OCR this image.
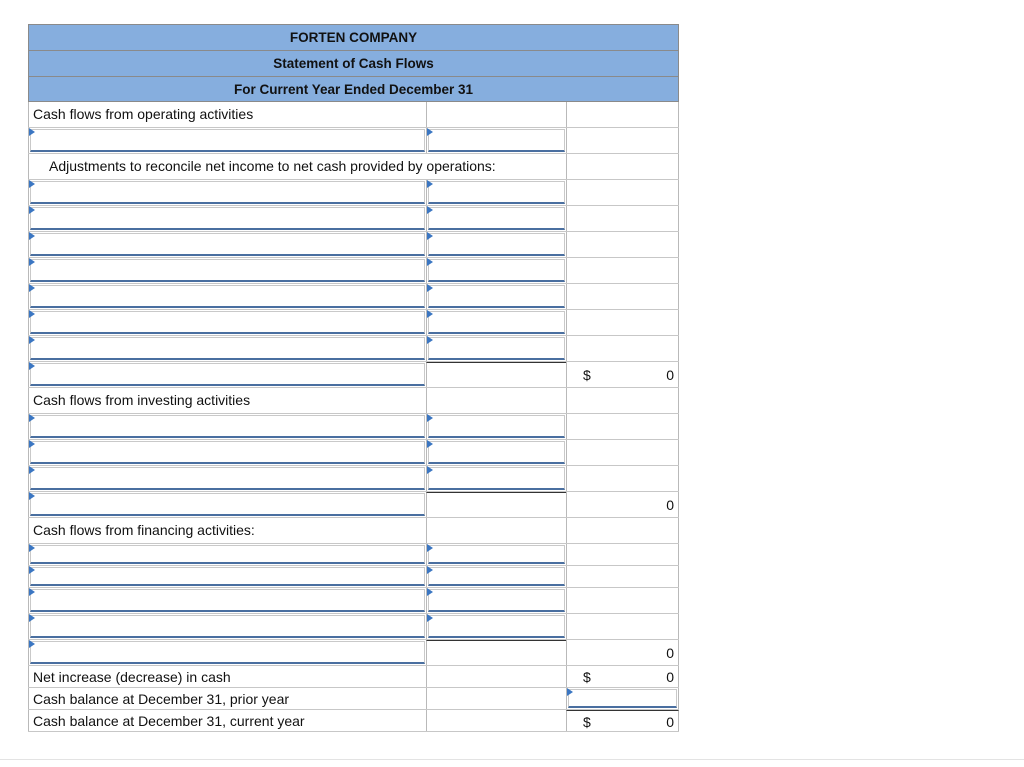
FORTEN COMPANY
Statement of Cash Flows
For Current Year Ended December 31
Cash flows from operating activities
Adjustments to reconcile net income to net cash provided by operations:
$	0
Cash flows from investing activities
0
Cash flows from financing activities:
0
Net increase (decrease) in cash	$	0
Cash balance at December 31, prior year
Cash balance at December 31, current year	$	0
